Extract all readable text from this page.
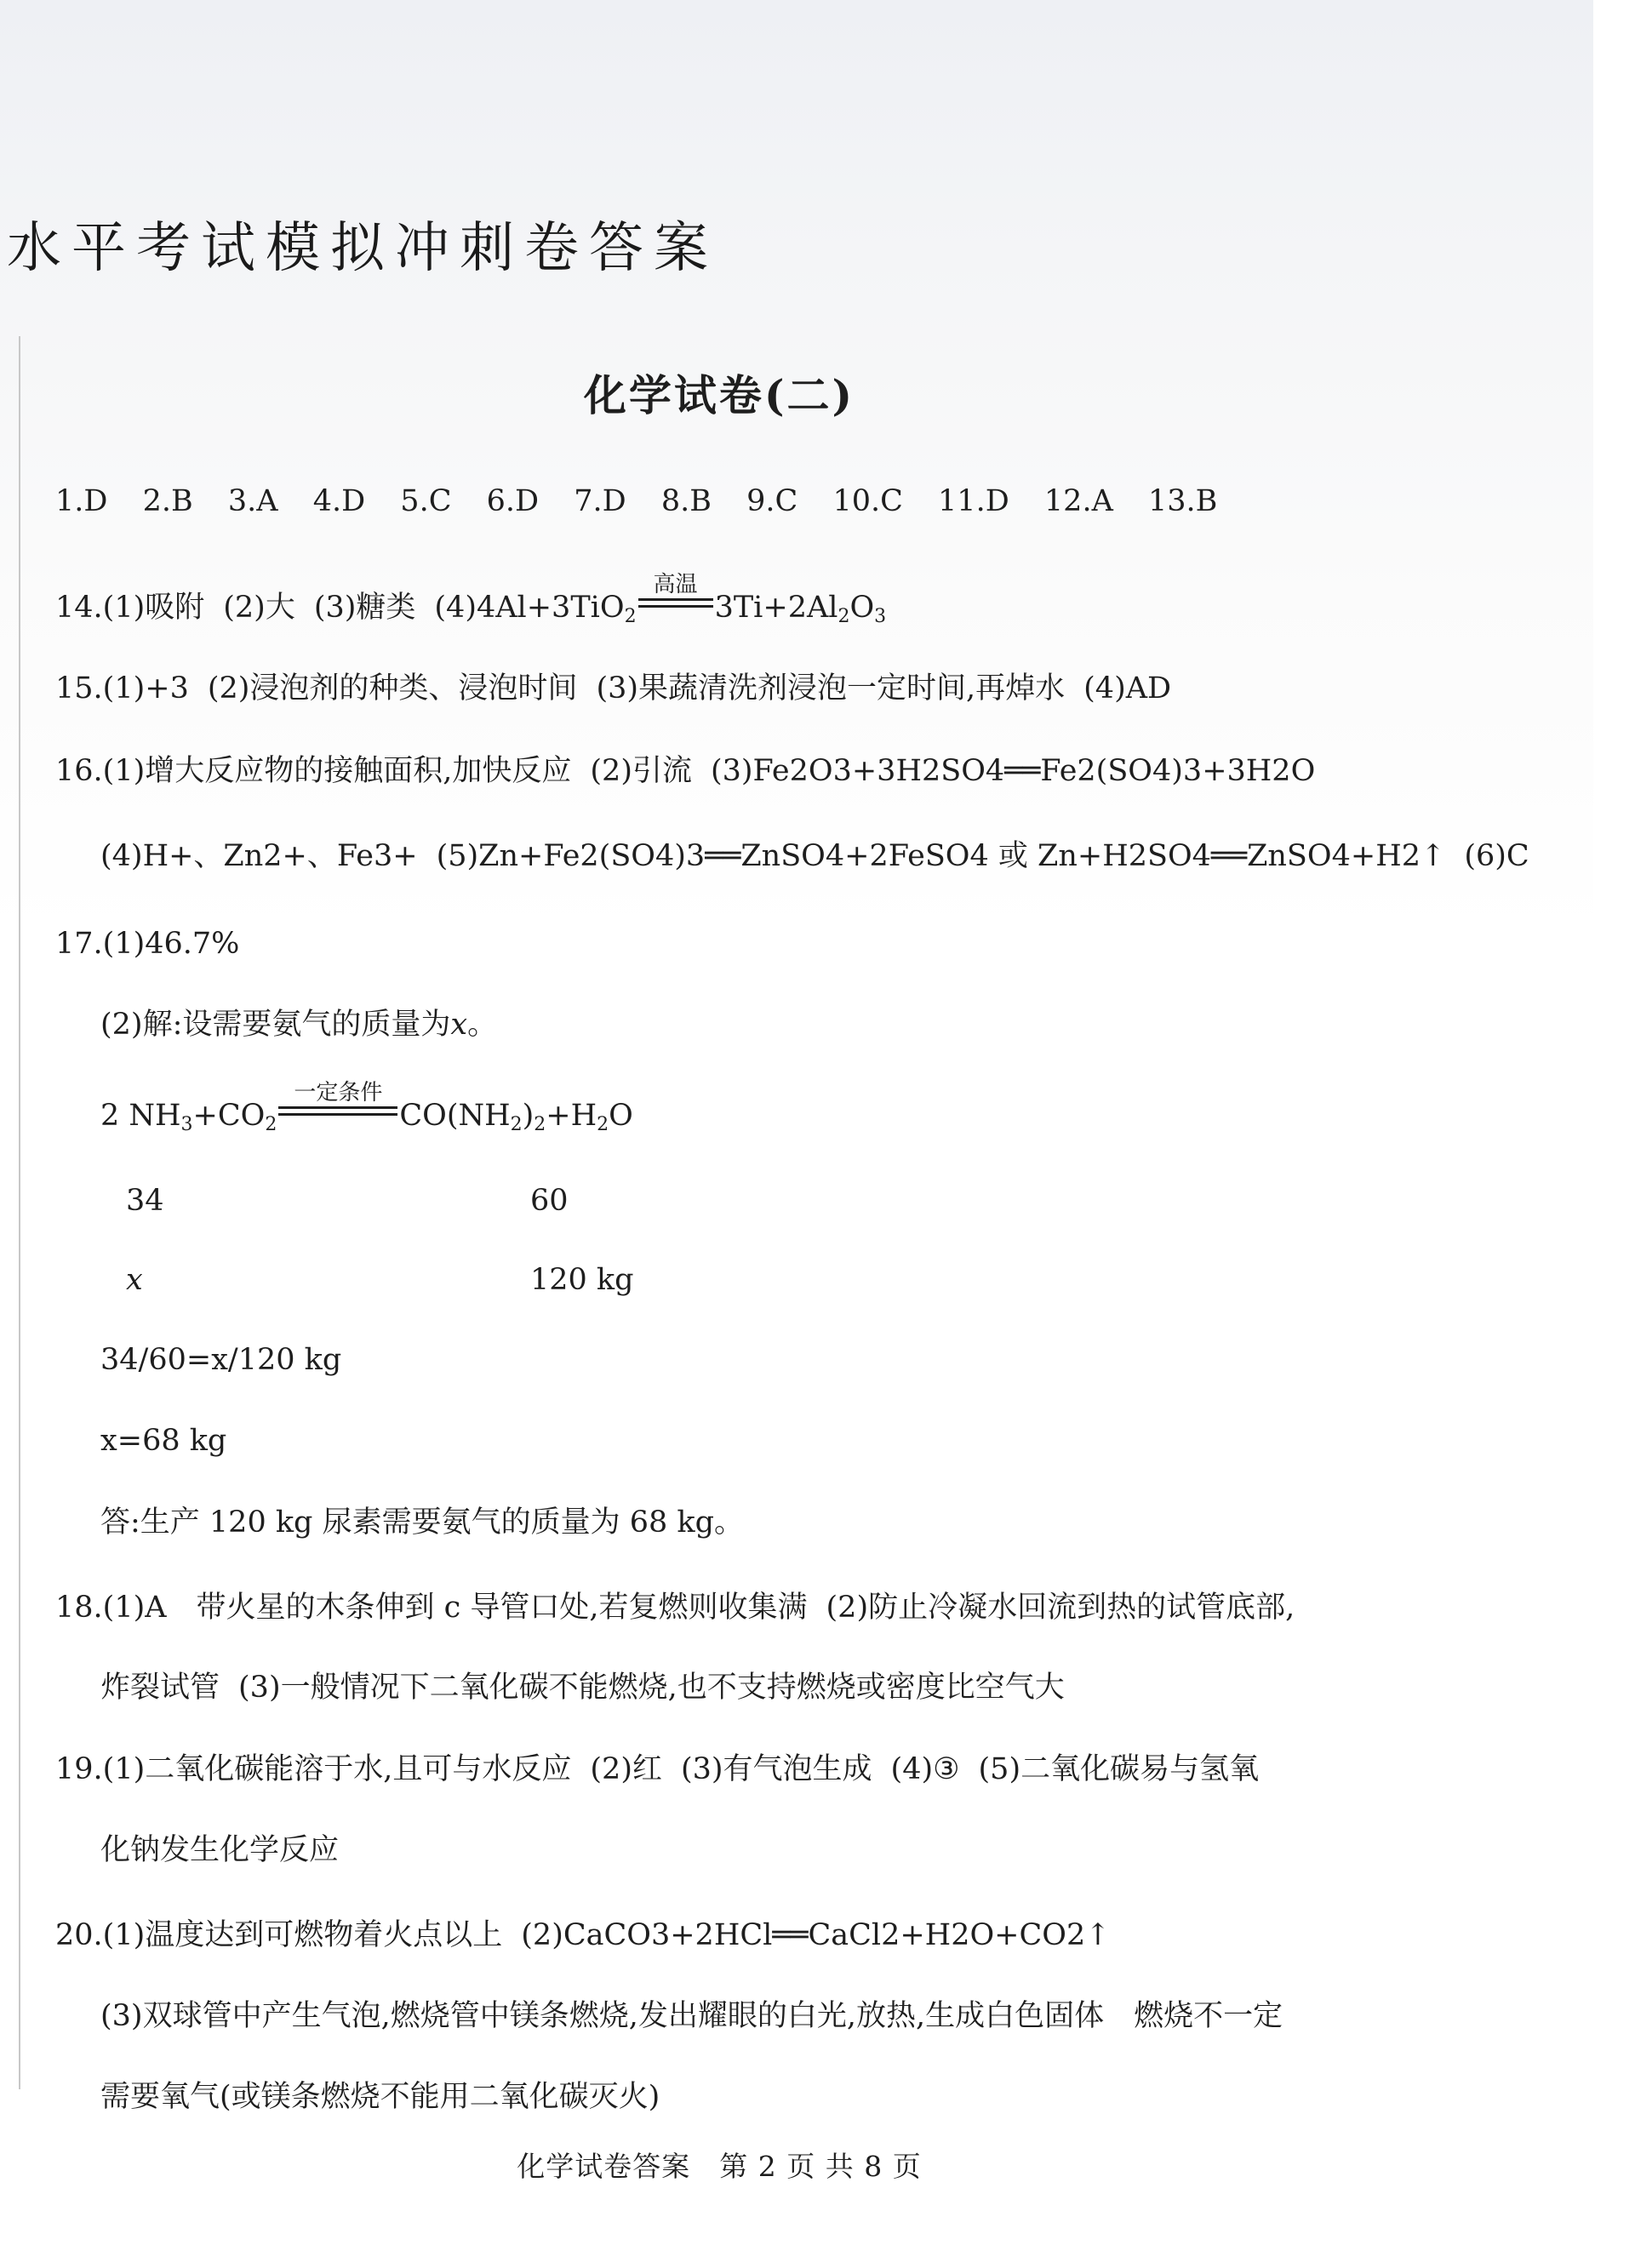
水平考试模拟冲刺卷答案
化学试卷(二)
1.D 2.B 3.A 4.D 5.C 6.D 7.D 8.B 9.C 10.C 11.D 12.A 13.B
14.(1)吸附 (2)大 (3)糖类 (4)4Al+3TiO$_2$
高温
$3Ti+2Al_2O_3$
15.(1)+3 (2)浸泡剂的种类、浸泡时间 (3)果蔬清洗剂浸泡一定时间,再焯水 (4)AD
16.(1)增大反应物的接触面积,加快反应 (2)引流 (3)Fe2O3+3H2SO4══Fe2(SO4)3+3H2O
(4)H+、Zn2+、Fe3+ (5)Zn+Fe2(SO4)3══ZnSO4+2FeSO4 或 Zn+H2SO4══ZnSO4+H2↑ (6)C
17.(1)46.7%
(2)解:设需要氨气的质量为x。
2 $NH_3+CO_2$
一定条件
$CO(NH_2)_2+H_2O$
34	60
x	120 kg
34/60=x/120 kg
x=68 kg
答:生产 120 kg 尿素需要氨气的质量为 68 kg。
18.(1)A　带火星的木条伸到 c 导管口处,若复燃则收集满 (2)防止冷凝水回流到热的试管底部,
炸裂试管 (3)一般情况下二氧化碳不能燃烧,也不支持燃烧或密度比空气大
19.(1)二氧化碳能溶于水,且可与水反应 (2)红 (3)有气泡生成 (4)③ (5)二氧化碳易与氢氧
化钠发生化学反应
20.(1)温度达到可燃物着火点以上 (2)CaCO3+2HCl══CaCl2+H2O+CO2↑
(3)双球管中产生气泡,燃烧管中镁条燃烧,发出耀眼的白光,放热,生成白色固体　燃烧不一定
需要氧气(或镁条燃烧不能用二氧化碳灭火)
化学试卷答案　第 2 页 共 8 页
